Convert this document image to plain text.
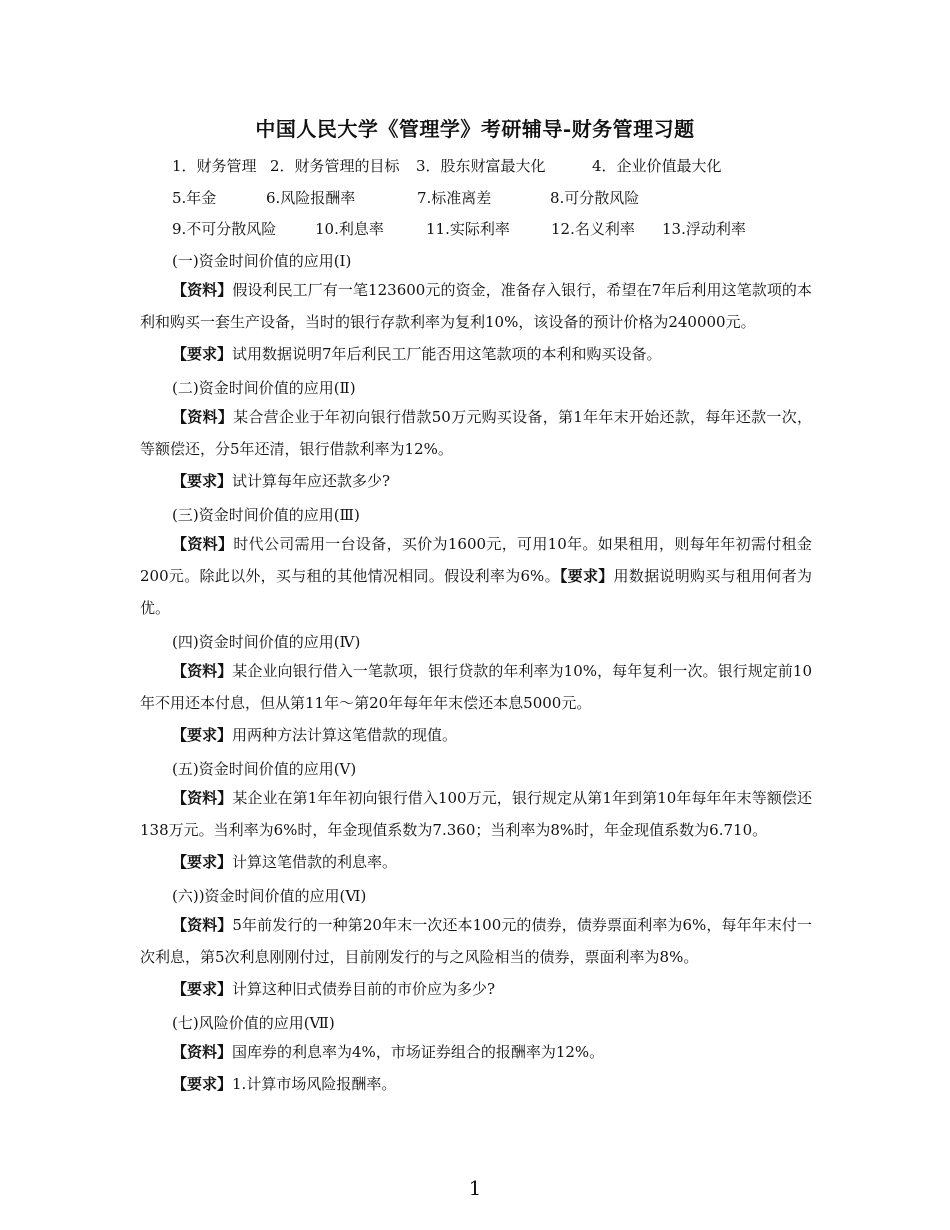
中国人民大学《管理学》考研辅导-财务管理习题
1．财务管理 2．财务管理的目标 3．股东财富最大化	4．企业价值最大化
5.年金	6.风险报酬率	7.标准离差	8.可分散风险
9.不可分散风险	10.利息率	11.实际利率	12.名义利率 13.浮动利率
(一)资金时间价值的应用(Ⅰ)

【资料】假设利民工厂有一笔123600元的资金，准备存入银行，希望在7年后利用这笔款项的本利和购买一套生产设备，当时的银行存款利率为复利10%，该设备的预计价格为240000元。

【要求】试用数据说明7年后利民工厂能否用这笔款项的本利和购买设备。

(二)资金时间价值的应用(Ⅱ)

【资料】某合营企业于年初向银行借款50万元购买设备，第1年年末开始还款，每年还款一次，等额偿还，分5年还清，银行借款利率为12%。

【要求】试计算每年应还款多少?

(三)资金时间价值的应用(Ⅲ)

【资料】时代公司需用一台设备，买价为1600元，可用10年。如果租用，则每年年初需付租金200元。除此以外，买与租的其他情况相同。假设利率为6%。【要求】用数据说明购买与租用何者为优。

(四)资金时间价值的应用(Ⅳ)

【资料】某企业向银行借入一笔款项，银行贷款的年利率为10%，每年复利一次。银行规定前10年不用还本付息，但从第11年～第20年每年年末偿还本息5000元。

【要求】用两种方法计算这笔借款的现值。

(五)资金时间价值的应用(Ⅴ)

【资料】某企业在第1年年初向银行借入100万元，银行规定从第1年到第10年每年年末等额偿还138万元。当利率为6%时，年金现值系数为7.360；当利率为8%时，年金现值系数为6.710。

【要求】计算这笔借款的利息率。

(六))资金时间价值的应用(Ⅵ)

【资料】5年前发行的一种第20年末一次还本100元的债券，债券票面利率为6%，每年年末付一次利息，第5次利息刚刚付过，目前刚发行的与之风险相当的债券，票面利率为8%。

【要求】计算这种旧式债券目前的市价应为多少?

(七)风险价值的应用(Ⅶ)

【资料】国库券的利息率为4%，市场证券组合的报酬率为12%。

【要求】1.计算市场风险报酬率。

1
